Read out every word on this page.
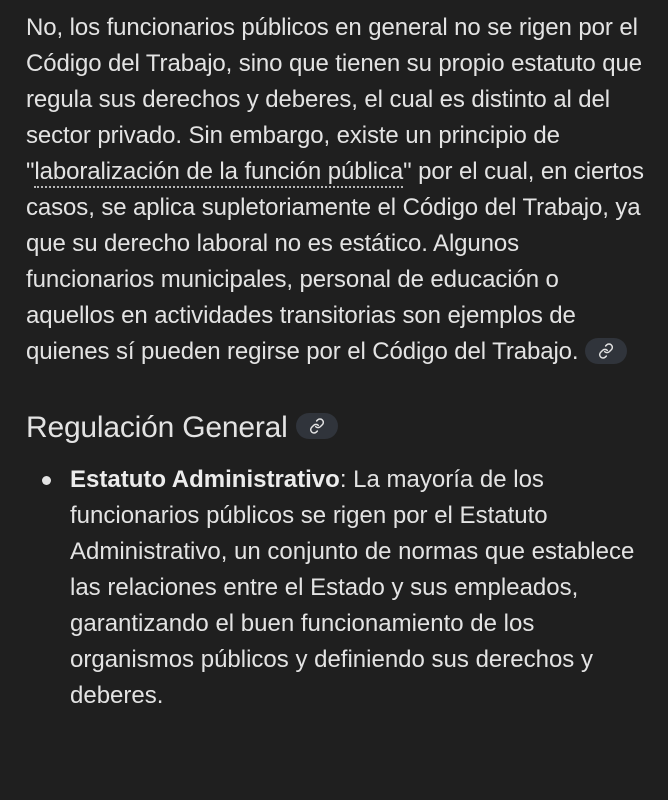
No, los funcionarios públicos en general no se rigen por el Código del Trabajo, sino que tienen su propio estatuto que regula sus derechos y deberes, el cual es distinto al del sector privado. Sin embargo, existe un principio de "laboralización de la función pública" por el cual, en ciertos casos, se aplica supletoriamente el Código del Trabajo, ya que su derecho laboral no es estático. Algunos funcionarios municipales, personal de educación o aquellos en actividades transitorias son ejemplos de quienes sí pueden regirse por el Código del Trabajo.

Regulación General
Estatuto Administrativo: La mayoría de los funcionarios públicos se rigen por el Estatuto Administrativo, un conjunto de normas que establece las relaciones entre el Estado y sus empleados, garantizando el buen funcionamiento de los organismos públicos y definiendo sus derechos y deberes.
